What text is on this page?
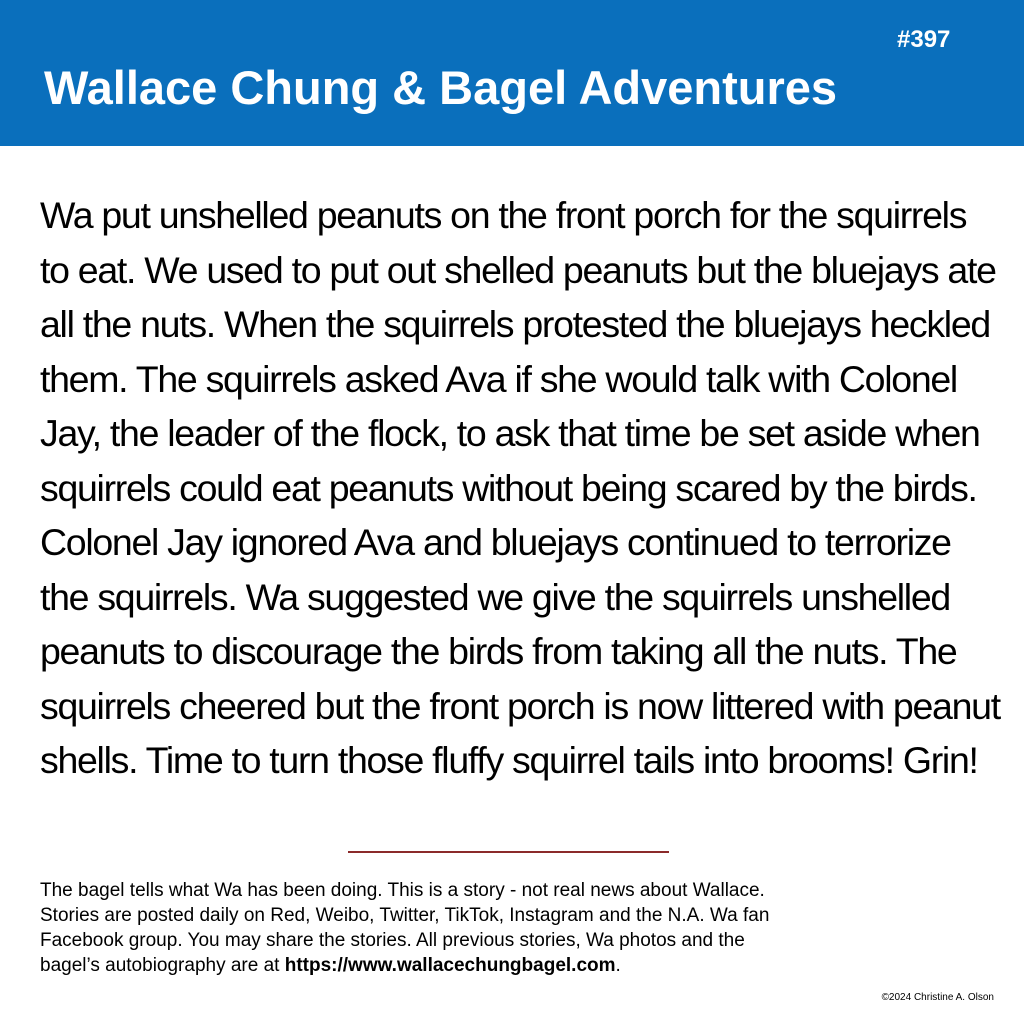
#397
Wallace Chung & Bagel Adventures
Wa put unshelled peanuts on the front porch for the squirrels
to eat. We used to put out shelled peanuts but the bluejays ate
all the nuts. When the squirrels protested the bluejays heckled
them. The squirrels asked Ava if she would talk with Colonel
Jay, the leader of the flock, to ask that time be set aside when
squirrels could eat peanuts without being scared by the birds.
Colonel Jay ignored Ava and bluejays continued to terrorize
the squirrels. Wa suggested we give the squirrels unshelled
peanuts to discourage the birds from taking all the nuts. The
squirrels cheered but the front porch is now littered with peanut
shells. Time to turn those fluffy squirrel tails into brooms! Grin!
The bagel tells what Wa has been doing. This is a story - not real news about Wallace.
Stories are posted daily on Red, Weibo, Twitter, TikTok, Instagram and the N.A. Wa fan
Facebook group. You may share the stories. All previous stories, Wa photos and the
bagel’s autobiography are at https://www.wallacechungbagel.com.
©2024 Christine A. Olson
